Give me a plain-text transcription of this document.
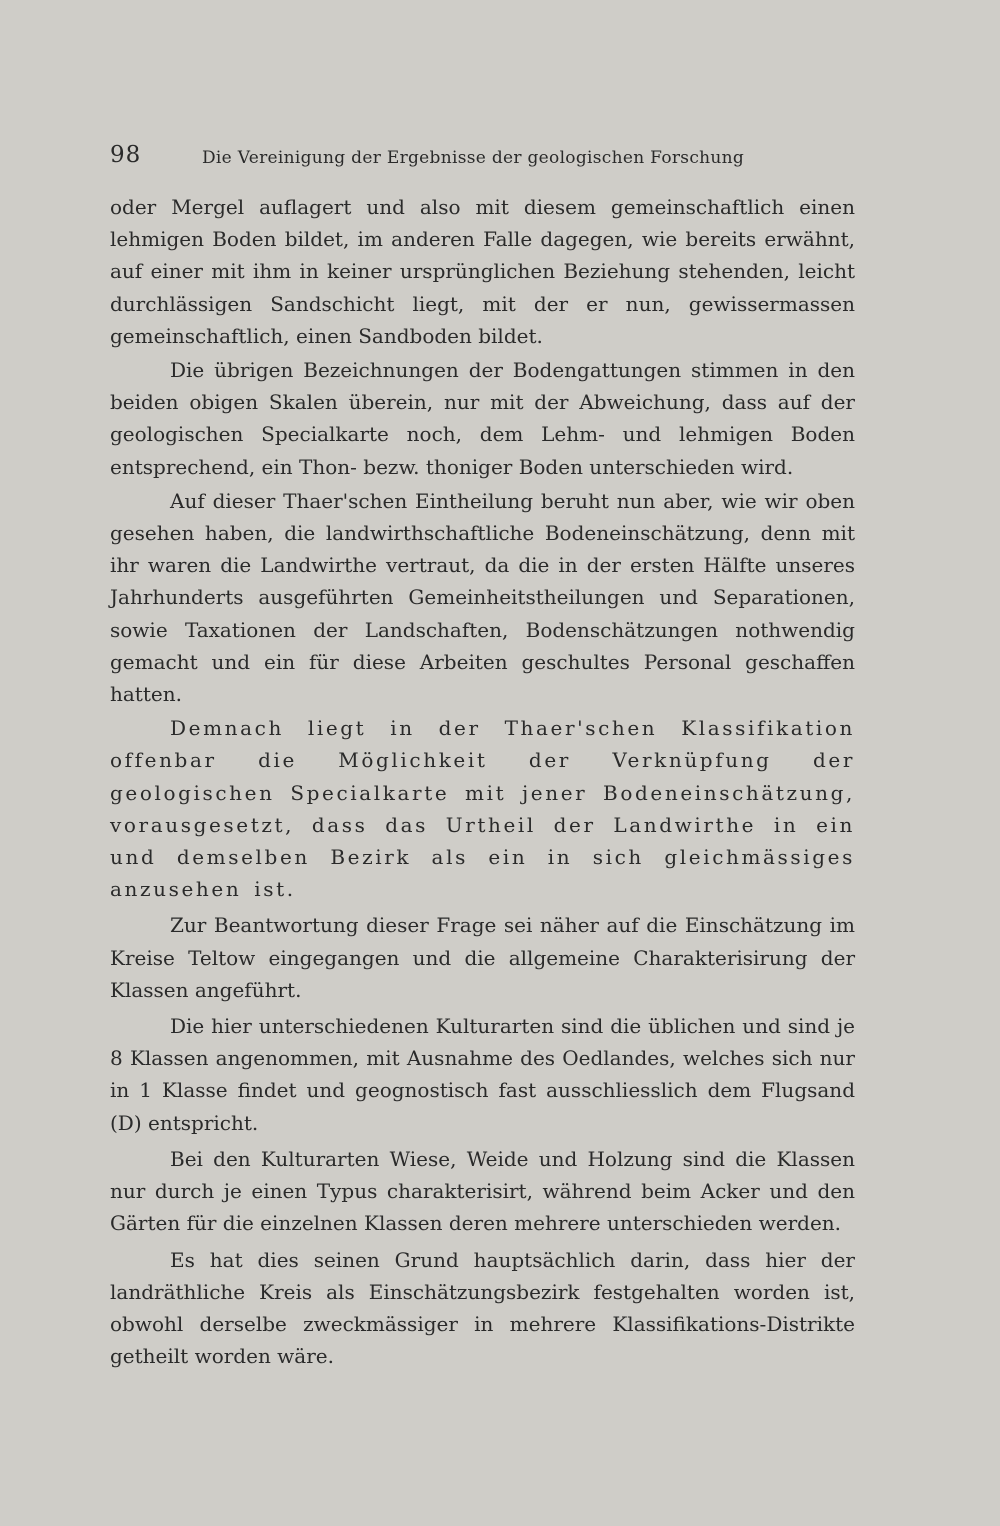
98	Die Vereinigung der Ergebnisse der geologischen Forschung

oder Mergel auflagert und also mit diesem gemeinschaftlich einen lehmigen Boden bildet, im anderen Falle dagegen, wie bereits erwähnt, auf einer mit ihm in keiner ursprünglichen Beziehung stehenden, leicht durchlässigen Sandschicht liegt, mit der er nun, gewissermassen gemeinschaftlich, einen Sandboden bildet.

Die übrigen Bezeichnungen der Bodengattungen stimmen in den beiden obigen Skalen überein, nur mit der Abweichung, dass auf der geologischen Specialkarte noch, dem Lehm- und lehmigen Boden entsprechend, ein Thon- bezw. thoniger Boden unterschieden wird.

Auf dieser Thaer'schen Eintheilung beruht nun aber, wie wir oben gesehen haben, die landwirthschaftliche Bodeneinschätzung, denn mit ihr waren die Landwirthe vertraut, da die in der ersten Hälfte unseres Jahrhunderts ausgeführten Gemeinheitstheilungen und Separationen, sowie Taxationen der Landschaften, Bodenschätzungen nothwendig gemacht und ein für diese Arbeiten geschultes Personal geschaffen hatten.

Demnach liegt in der Thaer'schen Klassifikation offenbar die Möglichkeit der Verknüpfung der geologischen Specialkarte mit jener Bodeneinschätzung, vorausgesetzt, dass das Urtheil der Landwirthe in ein und demselben Bezirk als ein in sich gleichmässiges anzusehen ist.

Zur Beantwortung dieser Frage sei näher auf die Einschätzung im Kreise Teltow eingegangen und die allgemeine Charakterisirung der Klassen angeführt.

Die hier unterschiedenen Kulturarten sind die üblichen und sind je 8 Klassen angenommen, mit Ausnahme des Oedlandes, welches sich nur in 1 Klasse findet und geognostisch fast ausschliesslich dem Flugsand (D) entspricht.

Bei den Kulturarten Wiese, Weide und Holzung sind die Klassen nur durch je einen Typus charakterisirt, während beim Acker und den Gärten für die einzelnen Klassen deren mehrere unterschieden werden.

Es hat dies seinen Grund hauptsächlich darin, dass hier der landräthliche Kreis als Einschätzungsbezirk festgehalten worden ist, obwohl derselbe zweckmässiger in mehrere Klassifikations-Distrikte getheilt worden wäre.
